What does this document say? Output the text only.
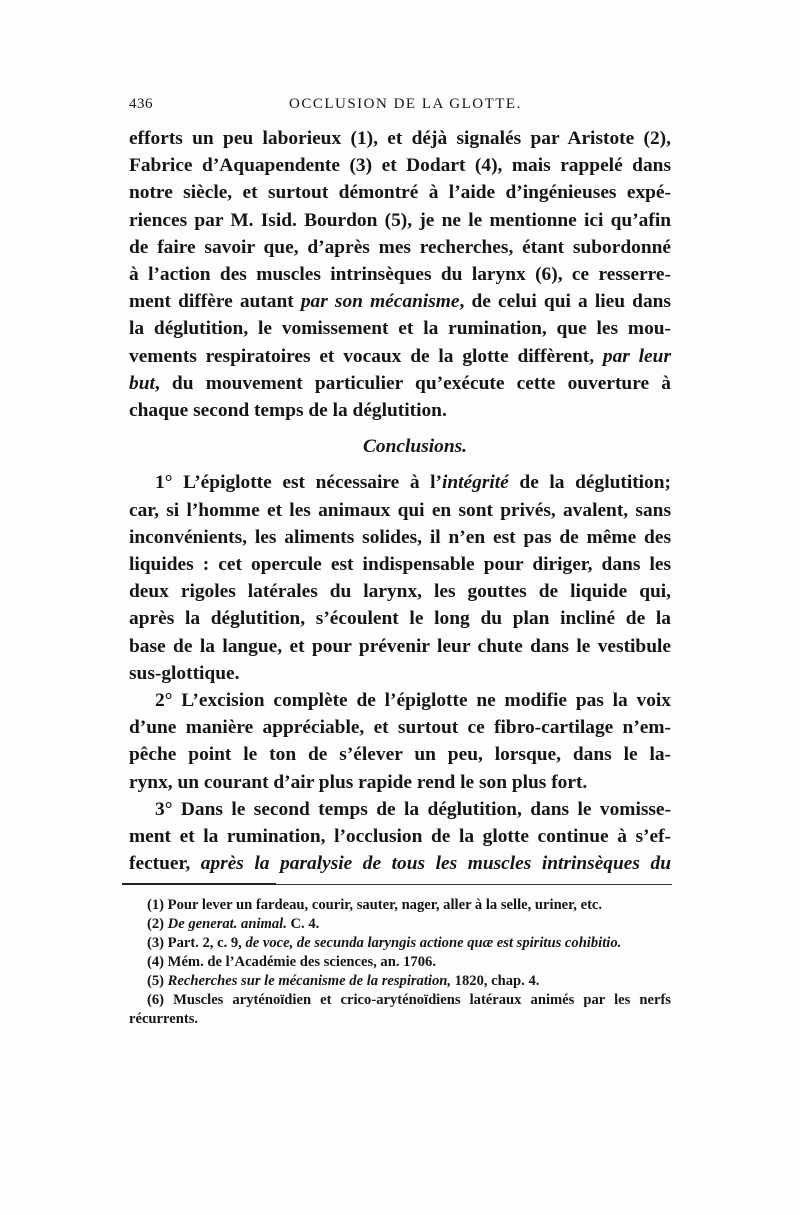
436	OCCLUSION DE LA GLOTTE.

efforts un peu laborieux (1), et déjà signalés par Aristote (2),

Fabrice d’Aquapendente (3) et Dodart (4), mais rappelé dans

notre siècle, et surtout démontré à l’aide d’ingénieuses expé-

riences par M. Isid. Bourdon (5), je ne le mentionne ici qu’afin

de faire savoir que, d’après mes recherches, étant subordonné

à l’action des muscles intrinsèques du larynx (6), ce resserre-

ment diffère autant par son mécanisme, de celui qui a lieu dans

la déglutition, le vomissement et la rumination, que les mou-

vements respiratoires et vocaux de la glotte diffèrent, par leur

but, du mouvement particulier qu’exécute cette ouverture à

chaque second temps de la déglutition.

Conclusions.

1° L’épiglotte est nécessaire à l’intégrité de la déglutition;

car, si l’homme et les animaux qui en sont privés, avalent, sans

inconvénients, les aliments solides, il n’en est pas de même des

liquides : cet opercule est indispensable pour diriger, dans les

deux rigoles latérales du larynx, les gouttes de liquide qui,

après la déglutition, s’écoulent le long du plan incliné de la

base de la langue, et pour prévenir leur chute dans le vestibule

sus-glottique.

2° L’excision complète de l’épiglotte ne modifie pas la voix

d’une manière appréciable, et surtout ce fibro-cartilage n’em-

pêche point le ton de s’élever un peu, lorsque, dans le la-

rynx, un courant d’air plus rapide rend le son plus fort.

3° Dans le second temps de la déglutition, dans le vomisse-

ment et la rumination, l’occlusion de la glotte continue à s’ef-

fectuer, après la paralysie de tous les muscles intrinsèques du

(1) Pour lever un fardeau, courir, sauter, nager, aller à la selle, uriner, etc.

(2) De generat. animal. C. 4.

(3) Part. 2, c. 9, de voce, de secunda laryngis actione quæ est spiritus cohibitio.

(4) Mém. de l’Académie des sciences, an. 1706.

(5) Recherches sur le mécanisme de la respiration, 1820, chap. 4.

(6) Muscles aryténoïdien et crico-aryténoïdiens latéraux animés par les nerfs récurrents.
